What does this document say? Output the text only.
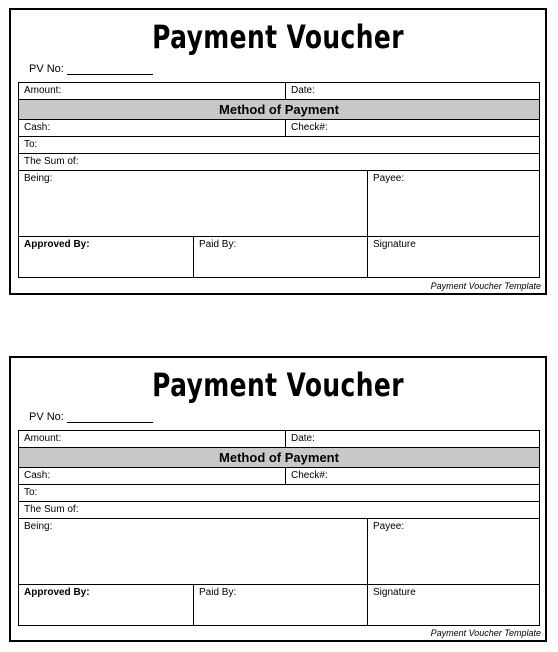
Payment Voucher
PV No:
Amount:	Date:
Method of Payment
Cash:	Check#:
To:
The Sum of:
Being:	Payee:
Approved By:	Paid By:	Signature
Payment Voucher Template
Payment Voucher
PV No:
Amount:	Date:
Method of Payment
Cash:	Check#:
To:
The Sum of:
Being:	Payee:
Approved By:	Paid By:	Signature
Payment Voucher Template
